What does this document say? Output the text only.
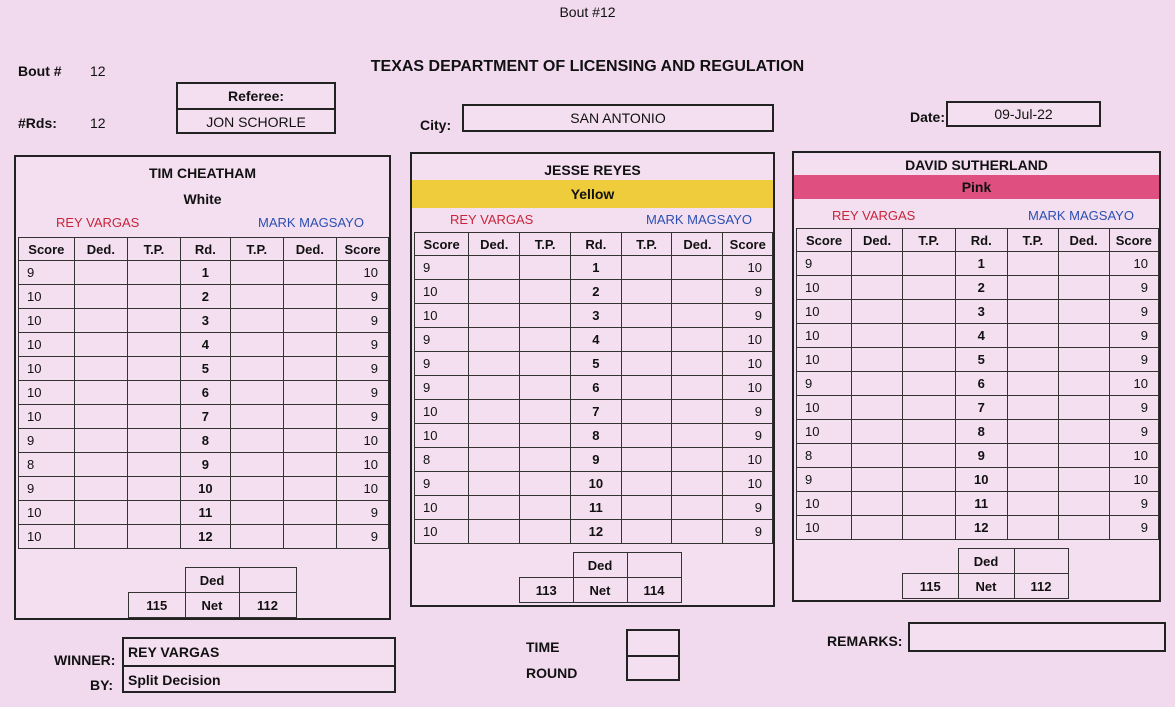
Bout #12
Bout # 12	TEXAS DEPARTMENT OF LICENSING AND REGULATION
#Rds: 12
Referee:
JON SCHORLE	City:	SAN ANTONIO	Date:	09-Jul-22
TIM CHEATHAM
White
REY VARGAS	MARK MAGSAYO
Score	Ded.	T.P.	Rd.	T.P.	Ded.	Score
9			1			10
10			2			9
10			3			9
10			4			9
10			5			9
10			6			9
10			7			9
9			8			10
8			9			10
9			10			10
10			11			9
10			12			9
	Ded	
115	Net	112
JESSE REYES
Yellow
REY VARGAS	MARK MAGSAYO
Score	Ded.	T.P.	Rd.	T.P.	Ded.	Score
9			1			10
10			2			9
10			3			9
9			4			10
9			5			10
9			6			10
10			7			9
10			8			9
8			9			10
9			10			10
10			11			9
10			12			9
	Ded	
113	Net	114
DAVID SUTHERLAND
Pink
REY VARGAS	MARK MAGSAYO
Score	Ded.	T.P.	Rd.	T.P.	Ded.	Score
9			1			10
10			2			9
10			3			9
10			4			9
10			5			9
9			6			10
10			7			9
10			8			9
8			9			10
9			10			10
10			11			9
10			12			9
	Ded	
115	Net	112
WINNER: REY VARGAS
Split Decision
BY:
TIME
ROUND
REMARKS:
